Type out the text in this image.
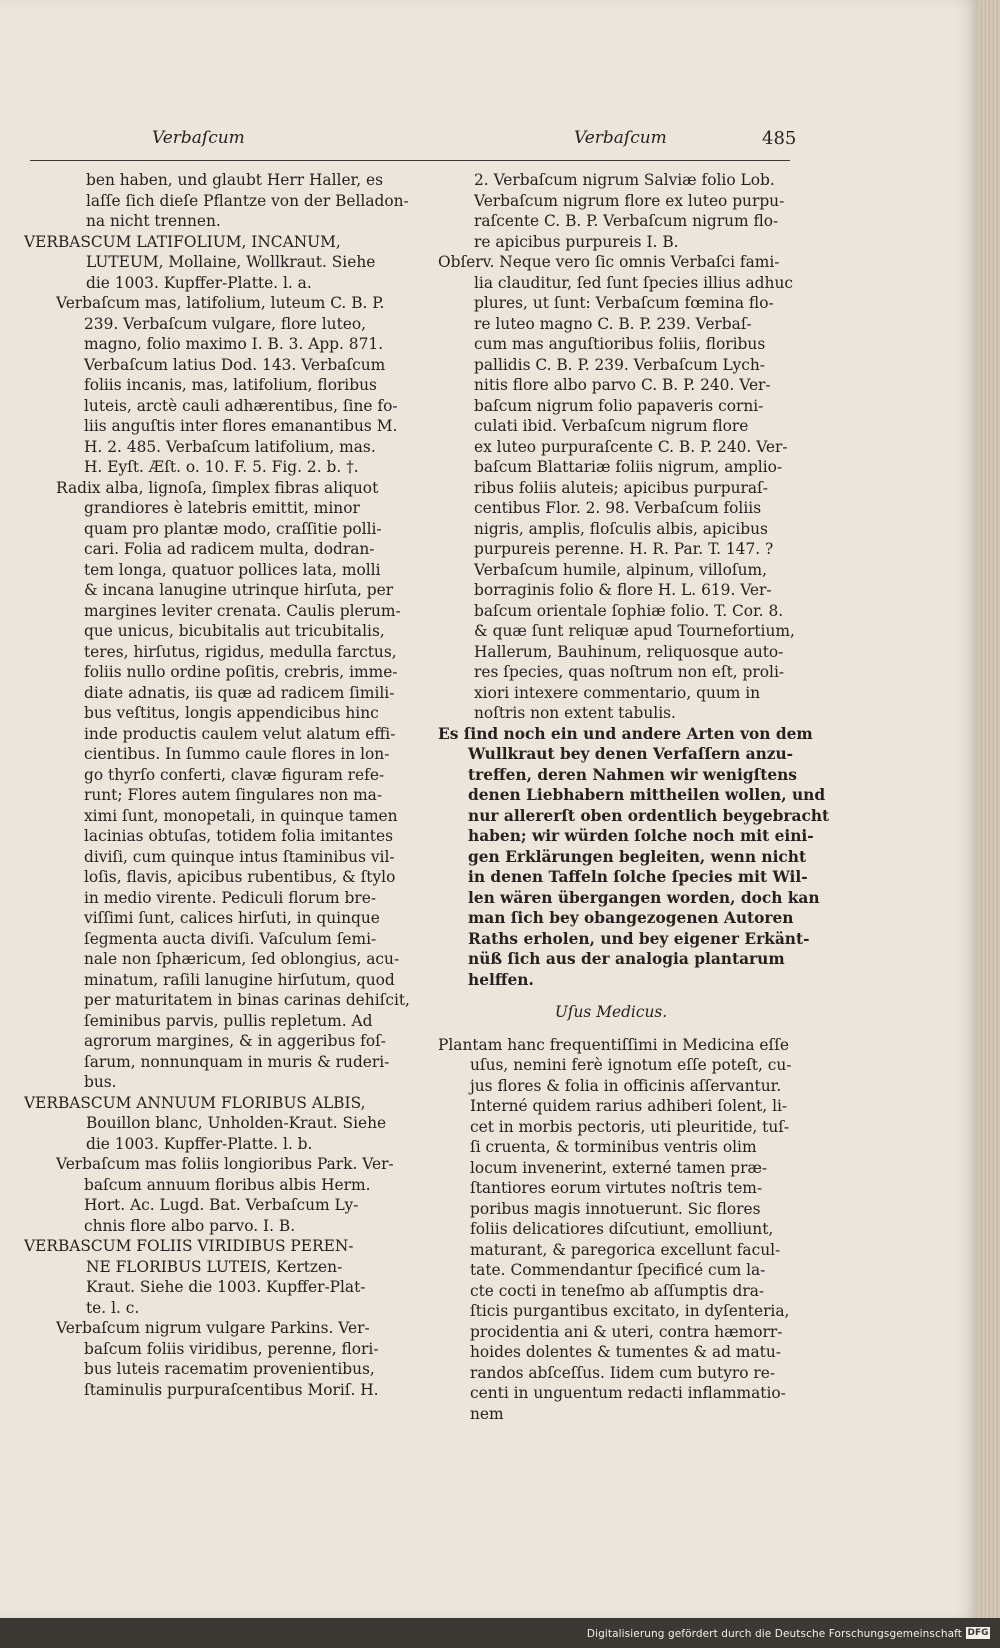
Verbaſcum	Verbaſcum	485
ben haben, und glaubt Herr Haller, es
laſſe ſich dieſe Pflantze von der Belladon-
na nicht trennen.
VERBASCUM LATIFOLIUM, INCANUM,
LUTEUM, Mollaine, Wollkraut. Siehe
die 1003. Kupffer-Platte. l. a.
Verbaſcum mas, latifolium, luteum C. B. P.
239. Verbaſcum vulgare, flore luteo,
magno, folio maximo I. B. 3. App. 871.
Verbaſcum latius Dod. 143. Verbaſcum
foliis incanis, mas, latifolium, floribus
luteis, arctè cauli adhærentibus, ſine fo-
liis anguſtis inter flores emanantibus M.
H. 2. 485. Verbaſcum latifolium, mas.
H. Eyſt. Æſt. o. 10. F. 5. Fig. 2. b. †.
Radix alba, lignoſa, ſimplex fibras aliquot
grandiores è latebris emittit, minor
quam pro plantæ modo, craſſitie polli-
cari. Folia ad radicem multa, dodran-
tem longa, quatuor pollices lata, molli
& incana lanugine utrinque hirſuta, per
margines leviter crenata. Caulis plerum-
que unicus, bicubitalis aut tricubitalis,
teres, hirſutus, rigidus, medulla farctus,
foliis nullo ordine poſitis, crebris, imme-
diate adnatis, iis quæ ad radicem ſimili-
bus veſtitus, longis appendicibus hinc
inde productis caulem velut alatum effi-
cientibus. In ſummo caule flores in lon-
go thyrſo conferti, clavæ figuram refe-
runt; Flores autem ſingulares non ma-
ximi ſunt, monopetali, in quinque tamen
lacinias obtuſas, totidem folia imitantes
diviſi, cum quinque intus ſtaminibus vil-
loſis, flavis, apicibus rubentibus, & ſtylo
in medio virente. Pediculi florum bre-
viſſimi ſunt, calices hirſuti, in quinque
ſegmenta aucta diviſi. Vaſculum ſemi-
nale non ſphæricum, ſed oblongius, acu-
minatum, raſili lanugine hirſutum, quod
per maturitatem in binas carinas dehiſcit,
ſeminibus parvis, pullis repletum. Ad
agrorum margines, & in aggeribus foſ-
ſarum, nonnunquam in muris & ruderi-
bus.
VERBASCUM ANNUUM FLORIBUS ALBIS,
Bouillon blanc, Unholden-Kraut. Siehe
die 1003. Kupffer-Platte. l. b.
Verbaſcum mas foliis longioribus Park. Ver-
baſcum annuum floribus albis Herm.
Hort. Ac. Lugd. Bat. Verbaſcum Ly-
chnis flore albo parvo. I. B.
VERBASCUM FOLIIS VIRIDIBUS PEREN-
NE FLORIBUS LUTEIS, Kertzen-
Kraut. Siehe die 1003. Kupffer-Plat-
te. l. c.
Verbaſcum nigrum vulgare Parkins. Ver-
baſcum foliis viridibus, perenne, flori-
bus luteis racematim provenientibus,
ſtaminulis purpuraſcentibus Moriſ. H.
2. Verbaſcum nigrum Salviæ folio Lob.
Verbaſcum nigrum flore ex luteo purpu-
raſcente C. B. P. Verbaſcum nigrum flo-
re apicibus purpureis I. B.
Obſerv. Neque vero ſic omnis Verbaſci fami-
lia clauditur, ſed ſunt ſpecies illius adhuc
plures, ut ſunt: Verbaſcum fœmina flo-
re luteo magno C. B. P. 239. Verbaſ-
cum mas anguſtioribus foliis, floribus
pallidis C. B. P. 239. Verbaſcum Lych-
nitis flore albo parvo C. B. P. 240. Ver-
baſcum nigrum folio papaveris corni-
culati ibid. Verbaſcum nigrum flore
ex luteo purpuraſcente C. B. P. 240. Ver-
baſcum Blattariæ foliis nigrum, amplio-
ribus foliis aluteis; apicibus purpuraſ-
centibus Flor. 2. 98. Verbaſcum foliis
nigris, amplis, floſculis albis, apicibus
purpureis perenne. H. R. Par. T. 147. ?
Verbaſcum humile, alpinum, villoſum,
borraginis folio & flore H. L. 619. Ver-
baſcum orientale ſophiæ folio. T. Cor. 8.
& quæ ſunt reliquæ apud Tournefortium,
Hallerum, Bauhinum, reliquosque auto-
res ſpecies, quas noſtrum non eſt, proli-
xiori intexere commentario, quum in
noſtris non extent tabulis.
Es ſind noch ein und andere Arten von dem
Wullkraut bey denen Verfaſſern anzu-
treffen, deren Nahmen wir wenigſtens
denen Liebhabern mittheilen wollen, und
nur allererſt oben ordentlich beygebracht
haben; wir würden ſolche noch mit eini-
gen Erklärungen begleiten, wenn nicht
in denen Taffeln ſolche ſpecies mit Wil-
len wären übergangen worden, doch kan
man ſich bey obangezogenen Autoren
Raths erholen, und bey eigener Erkänt-
nüß ſich aus der analogia plantarum
helffen.
Uſus Medicus.
Plantam hanc frequentiſſimi in Medicina eſſe
uſus, nemini ferè ignotum eſſe poteſt, cu-
jus flores & folia in officinis aſſervantur.
Interné quidem rarius adhiberi ſolent, li-
cet in morbis pectoris, uti pleuritide, tuſ-
ſi cruenta, & torminibus ventris olim
locum invenerint, externé tamen præ-
ſtantiores eorum virtutes noſtris tem-
poribus magis innotuerunt. Sic flores
foliis delicatiores diſcutiunt, emolliunt,
maturant, & paregorica excellunt facul-
tate. Commendantur ſpecificé cum la-
cte cocti in teneſmo ab aſſumptis dra-
ſticis purgantibus excitato, in dyſenteria,
procidentia ani & uteri, contra hæmorr-
hoides dolentes & tumentes & ad matu-
randos abſceſſus. Iidem cum butyro re-
centi in unguentum redacti inflammatio-
nem
Digitalisierung gefördert durch die Deutsche Forschungsgemeinschaft DFG
